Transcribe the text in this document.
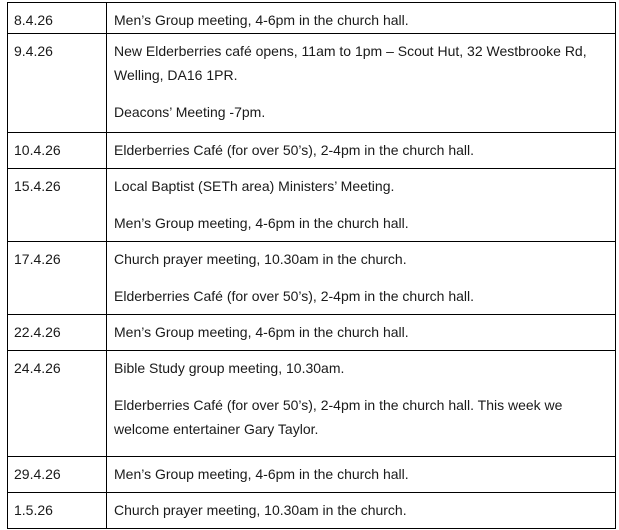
8.4.26	Men’s Group meeting, 4-6pm in the church hall.

9.4.26	New Elderberries café opens, 11am to 1pm – Scout Hut, 32 Westbrooke Rd, Welling, DA16 1PR.

Deacons’ Meeting -7pm.

10.4.26	Elderberries Café (for over 50’s), 2-4pm in the church hall.

15.4.26	Local Baptist (SETh area) Ministers’ Meeting.

Men’s Group meeting, 4-6pm in the church hall.

17.4.26	Church prayer meeting, 10.30am in the church.

Elderberries Café (for over 50’s), 2-4pm in the church hall.

22.4.26	Men’s Group meeting, 4-6pm in the church hall.

24.4.26	Bible Study group meeting, 10.30am.

Elderberries Café (for over 50’s), 2-4pm in the church hall. This week we welcome entertainer Gary Taylor.

29.4.26	Men’s Group meeting, 4-6pm in the church hall.

1.5.26	Church prayer meeting, 10.30am in the church.
